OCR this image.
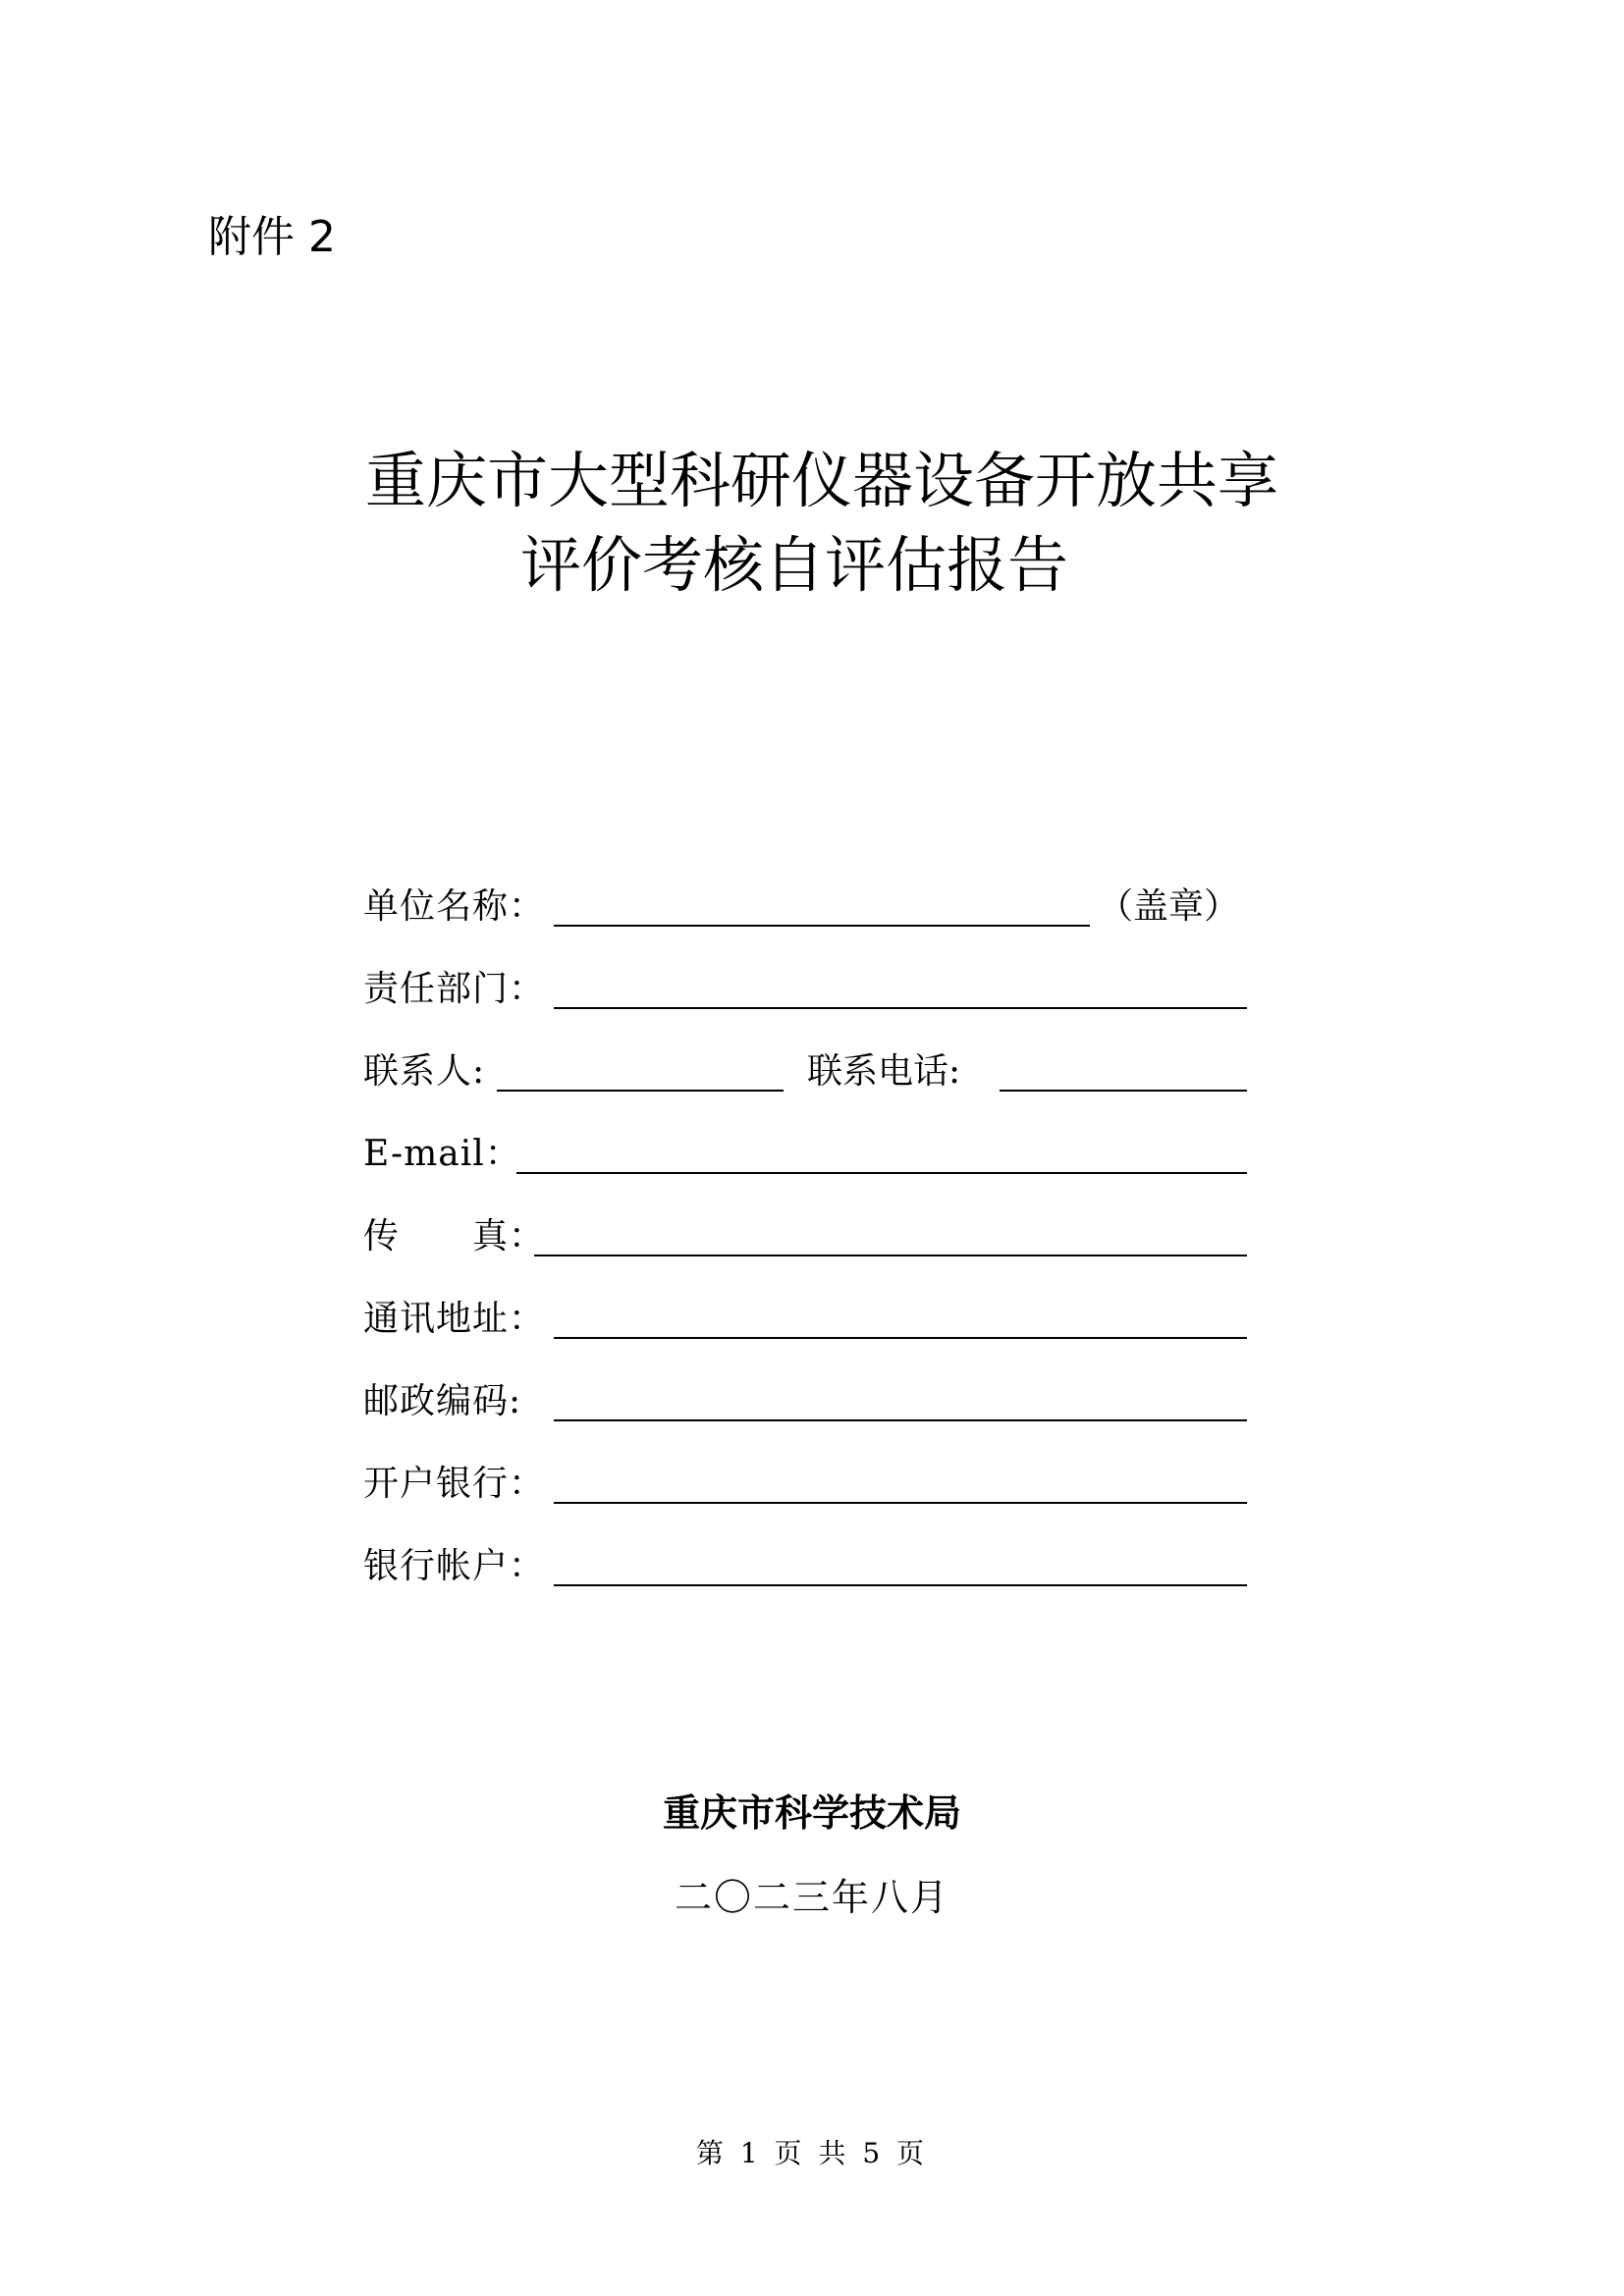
附件 2
重庆市大型科研仪器设备开放共享
评价考核自评估报告
单位名称：	（盖章）
责任部门：
联系人:	联系电话:
E-mail：
传　　真：
通讯地址：
邮政编码:
开户银行：
银行帐户：
重庆市科学技术局
二〇二三年八月
第 1 页 共 5 页
